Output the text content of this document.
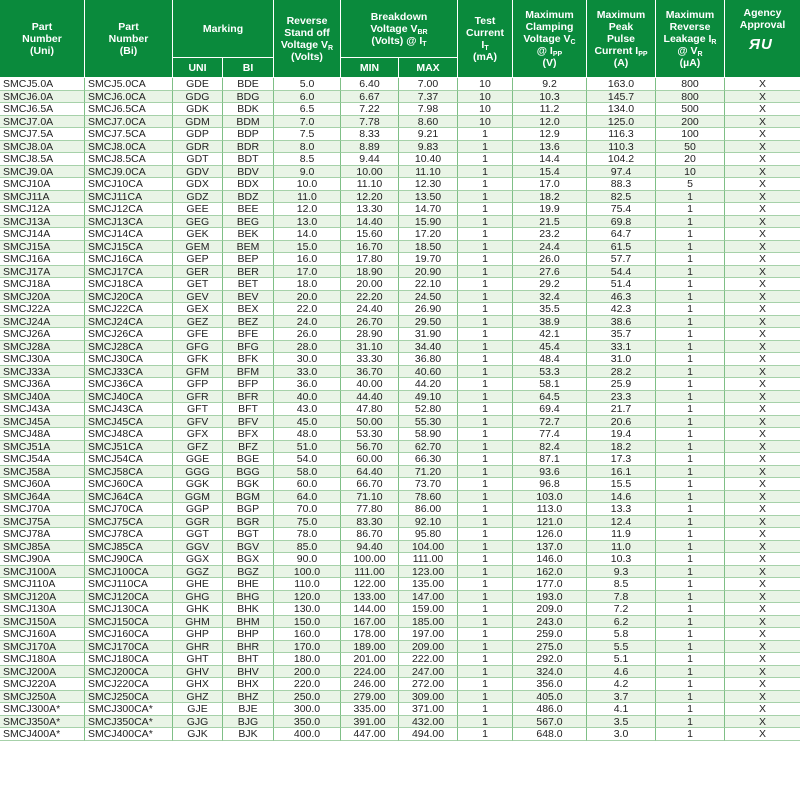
Part
Number
(Uni)
Part
Number
(Bi)
Marking
UNI	BI
Reverse
Stand off
Voltage $V_R$
(Volts)
Breakdown
Voltage $V_{BR}$
(Volts) @ $I_T$
MIN	MAX
Test
Current
$I_T$
(mA)
Maximum
Clamping
Voltage $V_C$
@ $I_{PP}$
(V)
Maximum
Peak
Pulse
Current $I_{PP}$
(A)
Maximum
Reverse
Leakage $I_R$
@ $V_R$
(µA)
Agency
Approval
Я U
SMCJ5.0A	SMCJ5.0CA	GDE	BDE	5.0	6.40	7.00	10	9.2	163.0	800	X
SMCJ6.0A	SMCJ6.0CA	GDG	BDG	6.0	6.67	7.37	10	10.3	145.7	800	X
SMCJ6.5A	SMCJ6.5CA	GDK	BDK	6.5	7.22	7.98	10	11.2	134.0	500	X
SMCJ7.0A	SMCJ7.0CA	GDM	BDM	7.0	7.78	8.60	10	12.0	125.0	200	X
SMCJ7.5A	SMCJ7.5CA	GDP	BDP	7.5	8.33	9.21	1	12.9	116.3	100	X
SMCJ8.0A	SMCJ8.0CA	GDR	BDR	8.0	8.89	9.83	1	13.6	110.3	50	X
SMCJ8.5A	SMCJ8.5CA	GDT	BDT	8.5	9.44	10.40	1	14.4	104.2	20	X
SMCJ9.0A	SMCJ9.0CA	GDV	BDV	9.0	10.00	11.10	1	15.4	97.4	10	X
SMCJ10A	SMCJ10CA	GDX	BDX	10.0	11.10	12.30	1	17.0	88.3	5	X
SMCJ11A	SMCJ11CA	GDZ	BDZ	11.0	12.20	13.50	1	18.2	82.5	1	X
SMCJ12A	SMCJ12CA	GEE	BEE	12.0	13.30	14.70	1	19.9	75.4	1	X
SMCJ13A	SMCJ13CA	GEG	BEG	13.0	14.40	15.90	1	21.5	69.8	1	X
SMCJ14A	SMCJ14CA	GEK	BEK	14.0	15.60	17.20	1	23.2	64.7	1	X
SMCJ15A	SMCJ15CA	GEM	BEM	15.0	16.70	18.50	1	24.4	61.5	1	X
SMCJ16A	SMCJ16CA	GEP	BEP	16.0	17.80	19.70	1	26.0	57.7	1	X
SMCJ17A	SMCJ17CA	GER	BER	17.0	18.90	20.90	1	27.6	54.4	1	X
SMCJ18A	SMCJ18CA	GET	BET	18.0	20.00	22.10	1	29.2	51.4	1	X
SMCJ20A	SMCJ20CA	GEV	BEV	20.0	22.20	24.50	1	32.4	46.3	1	X
SMCJ22A	SMCJ22CA	GEX	BEX	22.0	24.40	26.90	1	35.5	42.3	1	X
SMCJ24A	SMCJ24CA	GEZ	BEZ	24.0	26.70	29.50	1	38.9	38.6	1	X
SMCJ26A	SMCJ26CA	GFE	BFE	26.0	28.90	31.90	1	42.1	35.7	1	X
SMCJ28A	SMCJ28CA	GFG	BFG	28.0	31.10	34.40	1	45.4	33.1	1	X
SMCJ30A	SMCJ30CA	GFK	BFK	30.0	33.30	36.80	1	48.4	31.0	1	X
SMCJ33A	SMCJ33CA	GFM	BFM	33.0	36.70	40.60	1	53.3	28.2	1	X
SMCJ36A	SMCJ36CA	GFP	BFP	36.0	40.00	44.20	1	58.1	25.9	1	X
SMCJ40A	SMCJ40CA	GFR	BFR	40.0	44.40	49.10	1	64.5	23.3	1	X
SMCJ43A	SMCJ43CA	GFT	BFT	43.0	47.80	52.80	1	69.4	21.7	1	X
SMCJ45A	SMCJ45CA	GFV	BFV	45.0	50.00	55.30	1	72.7	20.6	1	X
SMCJ48A	SMCJ48CA	GFX	BFX	48.0	53.30	58.90	1	77.4	19.4	1	X
SMCJ51A	SMCJ51CA	GFZ	BFZ	51.0	56.70	62.70	1	82.4	18.2	1	X
SMCJ54A	SMCJ54CA	GGE	BGE	54.0	60.00	66.30	1	87.1	17.3	1	X
SMCJ58A	SMCJ58CA	GGG	BGG	58.0	64.40	71.20	1	93.6	16.1	1	X
SMCJ60A	SMCJ60CA	GGK	BGK	60.0	66.70	73.70	1	96.8	15.5	1	X
SMCJ64A	SMCJ64CA	GGM	BGM	64.0	71.10	78.60	1	103.0	14.6	1	X
SMCJ70A	SMCJ70CA	GGP	BGP	70.0	77.80	86.00	1	113.0	13.3	1	X
SMCJ75A	SMCJ75CA	GGR	BGR	75.0	83.30	92.10	1	121.0	12.4	1	X
SMCJ78A	SMCJ78CA	GGT	BGT	78.0	86.70	95.80	1	126.0	11.9	1	X
SMCJ85A	SMCJ85CA	GGV	BGV	85.0	94.40	104.00	1	137.0	11.0	1	X
SMCJ90A	SMCJ90CA	GGX	BGX	90.0	100.00	111.00	1	146.0	10.3	1	X
SMCJ100A	SMCJ100CA	GGZ	BGZ	100.0	111.00	123.00	1	162.0	9.3	1	X
SMCJ110A	SMCJ110CA	GHE	BHE	110.0	122.00	135.00	1	177.0	8.5	1	X
SMCJ120A	SMCJ120CA	GHG	BHG	120.0	133.00	147.00	1	193.0	7.8	1	X
SMCJ130A	SMCJ130CA	GHK	BHK	130.0	144.00	159.00	1	209.0	7.2	1	X
SMCJ150A	SMCJ150CA	GHM	BHM	150.0	167.00	185.00	1	243.0	6.2	1	X
SMCJ160A	SMCJ160CA	GHP	BHP	160.0	178.00	197.00	1	259.0	5.8	1	X
SMCJ170A	SMCJ170CA	GHR	BHR	170.0	189.00	209.00	1	275.0	5.5	1	X
SMCJ180A	SMCJ180CA	GHT	BHT	180.0	201.00	222.00	1	292.0	5.1	1	X
SMCJ200A	SMCJ200CA	GHV	BHV	200.0	224.00	247.00	1	324.0	4.6	1	X
SMCJ220A	SMCJ220CA	GHX	BHX	220.0	246.00	272.00	1	356.0	4.2	1	X
SMCJ250A	SMCJ250CA	GHZ	BHZ	250.0	279.00	309.00	1	405.0	3.7	1	X
SMCJ300A*	SMCJ300CA*	GJE	BJE	300.0	335.00	371.00	1	486.0	4.1	1	X
SMCJ350A*	SMCJ350CA*	GJG	BJG	350.0	391.00	432.00	1	567.0	3.5	1	X
SMCJ400A*	SMCJ400CA*	GJK	BJK	400.0	447.00	494.00	1	648.0	3.0	1	X
